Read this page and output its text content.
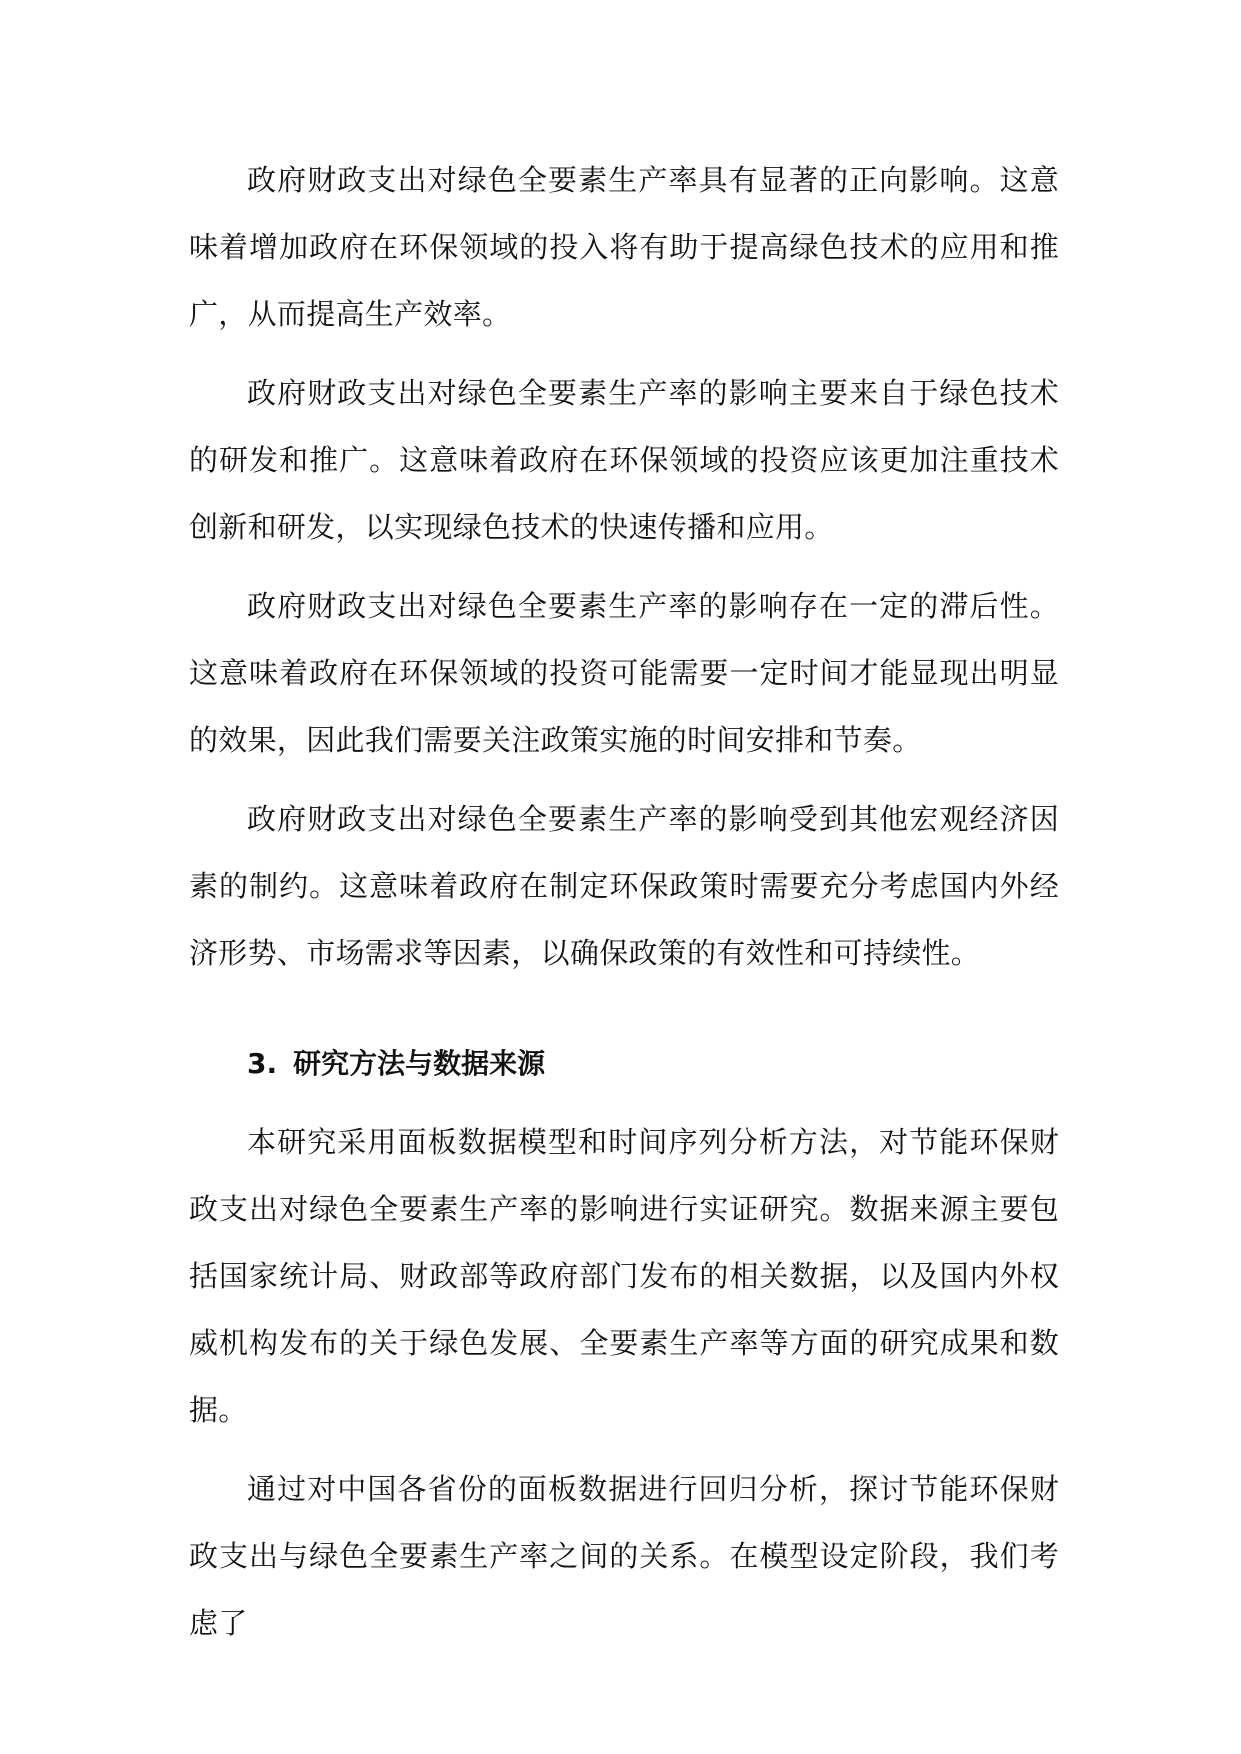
政府财政支出对绿色全要素生产率具有显著的正向影响。这意味着增加政府在环保领域的投入将有助于提高绿色技术的应用和推广，从而提高生产效率。

政府财政支出对绿色全要素生产率的影响主要来自于绿色技术的研发和推广。这意味着政府在环保领域的投资应该更加注重技术创新和研发，以实现绿色技术的快速传播和应用。

政府财政支出对绿色全要素生产率的影响存在一定的滞后性。这意味着政府在环保领域的投资可能需要一定时间才能显现出明显的效果，因此我们需要关注政策实施的时间安排和节奏。

政府财政支出对绿色全要素生产率的影响受到其他宏观经济因素的制约。这意味着政府在制定环保政策时需要充分考虑国内外经济形势、市场需求等因素，以确保政策的有效性和可持续性。

3. 研究方法与数据来源

本研究采用面板数据模型和时间序列分析方法，对节能环保财政支出对绿色全要素生产率的影响进行实证研究。数据来源主要包括国家统计局、财政部等政府部门发布的相关数据，以及国内外权威机构发布的关于绿色发展、全要素生产率等方面的研究成果和数据。

通过对中国各省份的面板数据进行回归分析，探讨节能环保财政支出与绿色全要素生产率之间的关系。在模型设定阶段，我们考虑了
